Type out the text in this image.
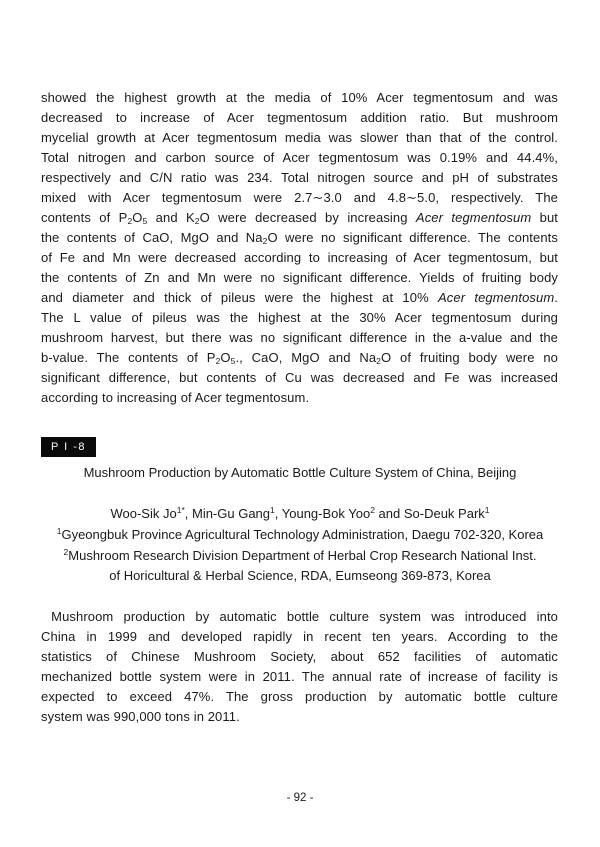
showed the highest growth at the media of 10% Acer tegmentosum and was
decreased to increase of Acer tegmentosum addition ratio. But mushroom
mycelial growth at Acer tegmentosum media was slower than that of the control.
Total nitrogen and carbon source of Acer tegmentosum was 0.19% and 44.4%,
respectively and C/N ratio was 234. Total nitrogen source and pH of substrates
mixed with Acer tegmentosum were 2.7∼3.0 and 4.8∼5.0, respectively. The
contents of $P_2O_5$ and $K_2O$ were decreased by increasing Acer tegmentosum but
the contents of CaO, MgO and $Na_2O$ were no significant difference. The contents
of Fe and Mn were decreased according to increasing of Acer tegmentosum, but
the contents of Zn and Mn were no significant difference. Yields of fruiting body
and diameter and thick of pileus were the highest at 10% Acer tegmentosum.
The L value of pileus was the highest at the 30% Acer tegmentosum during
mushroom harvest, but there was no significant difference in the a-value and the
b-value. The contents of $P_2O_5$., CaO, MgO and $Na_2O$ of fruiting body were no
significant difference, but contents of Cu was decreased and Fe was increased
according to increasing of Acer tegmentosum.
P I -8
Mushroom Production by Automatic Bottle Culture System of China, Beijing
Woo-Sik $Jo^{1*}$, Min-Gu Gang$^1$, Young-Bok Yoo$^2$ and So-Deuk Park$^1$
$^1$Gyeongbuk Province Agricultural Technology Administration, Daegu 702-320, Korea
$^2$Mushroom Research Division Department of Herbal Crop Research National Inst.
of Horicultural & Herbal Science, RDA, Eumseong 369-873, Korea
Mushroom production by automatic bottle culture system was introduced into
China in 1999 and developed rapidly in recent ten years. According to the
statistics of Chinese Mushroom Society, about 652 facilities of automatic
mechanized bottle system were in 2011. The annual rate of increase of facility is
expected to exceed 47%. The gross production by automatic bottle culture
system was 990,000 tons in 2011.
- 92 -
